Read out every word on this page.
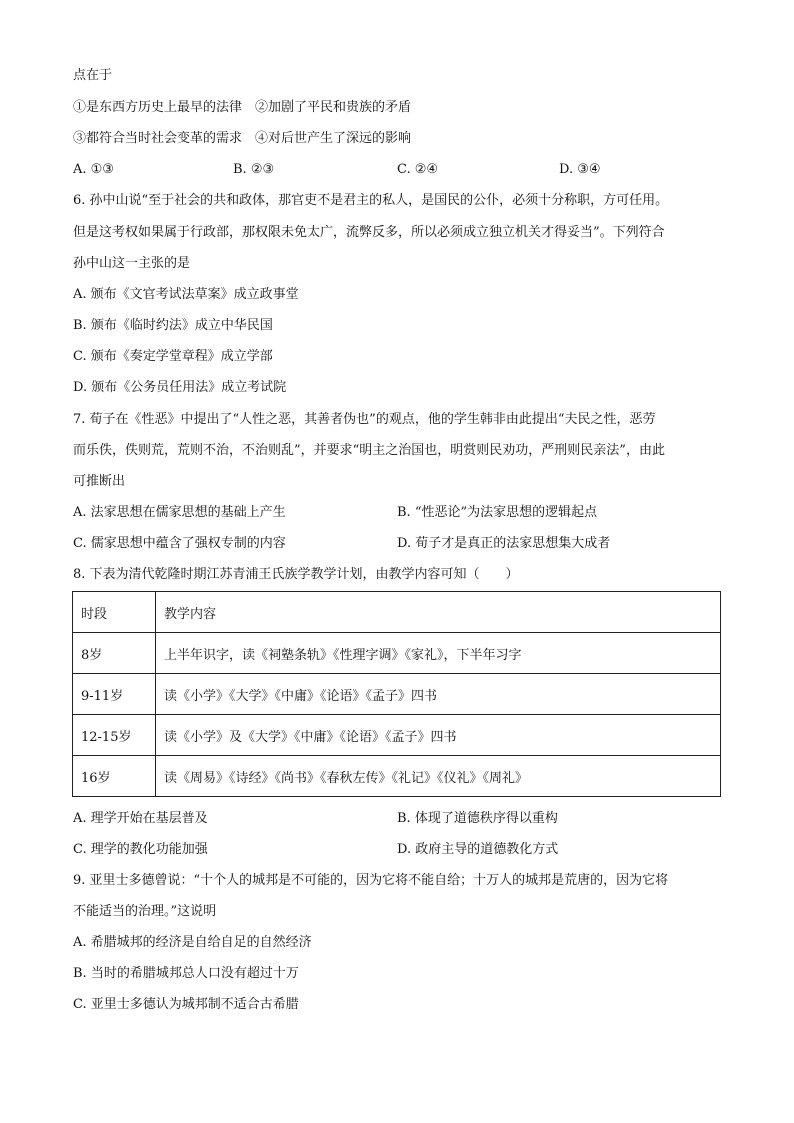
点在于
①是东西方历史上最早的法律　②加剧了平民和贵族的矛盾
③都符合当时社会变革的需求　④对后世产生了深远的影响
A. ①③	B. ②③	C. ②④	D. ③④
6. 孙中山说“至于社会的共和政体，那官吏不是君主的私人，是国民的公仆，必须十分称职，方可任用。
但是这考权如果属于行政部，那权限未免太广，流弊反多，所以必须成立独立机关才得妥当”。下列符合
孙中山这一主张的是
A. 颁布《文官考试法草案》成立政事堂
B. 颁布《临时约法》成立中华民国
C. 颁布《奏定学堂章程》成立学部
D. 颁布《公务员任用法》成立考试院
7. 荀子在《性恶》中提出了“人性之恶，其善者伪也”的观点，他的学生韩非由此提出“夫民之性，恶劳
而乐佚，佚则荒，荒则不治，不治则乱”，并要求“明主之治国也，明赏则民劝功，严刑则民亲法”，由此
可推断出
A. 法家思想在儒家思想的基础上产生	B. “性恶论”为法家思想的逻辑起点
C. 儒家思想中蕴含了强权专制的内容	D. 荀子才是真正的法家思想集大成者
8. 下表为清代乾隆时期江苏青浦王氏族学教学计划，由教学内容可知（　　）
时段	教学内容
8岁	上半年识字，读《祠塾条轨》《性理字调》《家礼》，下半年习字
9-11岁	读《小学》《大学》《中庸》《论语》《孟子》四书
12-15岁	读《小学》及《大学》《中庸》《论语》《孟子》四书
16岁	读《周易》《诗经》《尚书》《春秋左传》《礼记》《仪礼》《周礼》
A. 理学开始在基层普及	B. 体现了道德秩序得以重构
C. 理学的教化功能加强	D. 政府主导的道德教化方式
9. 亚里士多德曾说：“十个人的城邦是不可能的，因为它将不能自给；十万人的城邦是荒唐的，因为它将
不能适当的治理。”这说明
A. 希腊城邦的经济是自给自足的自然经济
B. 当时的希腊城邦总人口没有超过十万
C. 亚里士多德认为城邦制不适合古希腊
